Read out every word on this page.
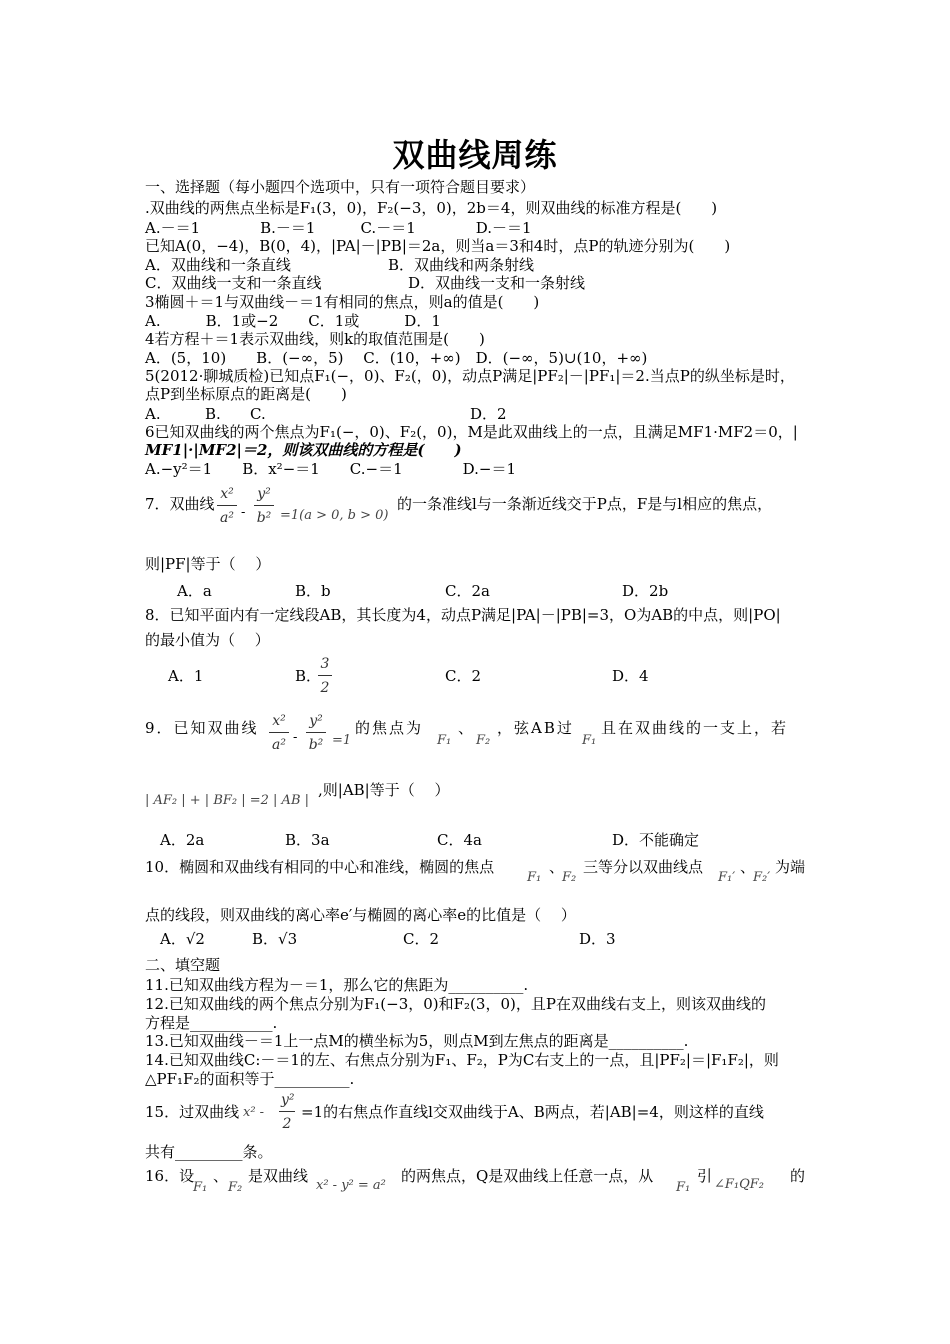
双曲线周练
一、选择题（每小题四个选项中，只有一项符合题目要求）
.双曲线的两焦点坐标是F₁(3，0)，F₂(−3，0)，2b＝4，则双曲线的标准方程是(　　)
A.－＝1　　　　B.－＝1　　　C.－＝1　　　　D.－＝1
已知A(0，−4)，B(0，4)，|PA|－|PB|＝2a，则当a＝3和4时，点P的轨迹分别为(　　)
A．双曲线和一条直线	B．双曲线和两条射线
C．双曲线一支和一条直线	D．双曲线一支和一条射线
3椭圆＋＝1与双曲线－＝1有相同的焦点，则a的值是(　　)
A.　　　B．1或−2　　C．1或　　　D．1
4若方程＋＝1表示双曲线，则k的取值范围是(　　)
A．(5，10)　　B．(−∞，5)　 C．(10，+∞)　D．(−∞，5)∪(10，+∞)
5(2012·聊城质检)已知点F₁(−，0)、F₂(，0)，动点P满足|PF₂|－|PF₁|＝2.当点P的纵坐标是时，
点P到坐标原点的距离是(　　)
A.	B. C.	D．2
6已知双曲线的两个焦点为F₁(−，0)、F₂(，0)，M是此双曲线上的一点，且满足MF1·MF2＝0，|
MF1|·|MF2|＝2，则该双曲线的方程是(　　)
A.−y²＝1　　B．x²−＝1　　C.−＝1　　　　D.−＝1
7．双曲线 $\frac{\text{x²}}{\text{a²}} - \frac{\text{y²}}{\text{b²}} =1(a > 0$, b > 0)
的一条准线l与一条渐近线交于P点，F是与l相应的焦点，
则|PF|等于（　 ）
A．a	B．b	C．2a	D．2b
8．已知平面内有一定线段AB，其长度为4，动点P满足|PA|－|PB|=3，O为AB的中点，则|PO|
的最小值为（　 ）
A．1	B．
$\frac{3}{2}$	C．2	D．4
9．已知双曲线 $\frac{\text{x²}}{\text{a²}} - \frac{\text{y²}}{\text{b²}} =1$
的焦点为
F₁
、
F₂
，弦AB过
F₁
且在双曲线的一支上，若
| AF₂ | + | BF₂ | =2 | AB |
,则|AB|等于（　 ）
A．2a	B．3a	C．4a	D．不能确定
10．椭圆和双曲线有相同的中心和准线，椭圆的焦点
F₁
、
F₂
三等分以双曲线点
F₁′
、
F₂′
为端
点的线段，则双曲线的离心率e′与椭圆的离心率e的比值是（　 ）
A．√2	B．√3	C．2	D．3
二、填空题
11.已知双曲线方程为－＝1，那么它的焦距为__________.
12.已知双曲线的两个焦点分别为F₁(−3，0)和F₂(3，0)，且P在双曲线右支上，则该双曲线的
方程是___________.
13.已知双曲线－＝1上一点M的横坐标为5，则点M到左焦点的距离是__________.
14.已知双曲线C:－＝1的左、右焦点分别为F₁、F₂，P为C右支上的一点，且|PF₂|＝|F₁F₂|，则
△PF₁F₂的面积等于__________.
15．过双曲线 $x^2 - \frac{\text{y²}}{2} =1$的右焦点作直线l交双曲线于A、B两点，若|AB|=4，则这样的直线
共有_________条。
16．设
F₁
、
F₂
是双曲线
x² - y² = a²
的两焦点，Q是双曲线上任意一点，从
F₁
引 ∠F₁QF₂ 的
